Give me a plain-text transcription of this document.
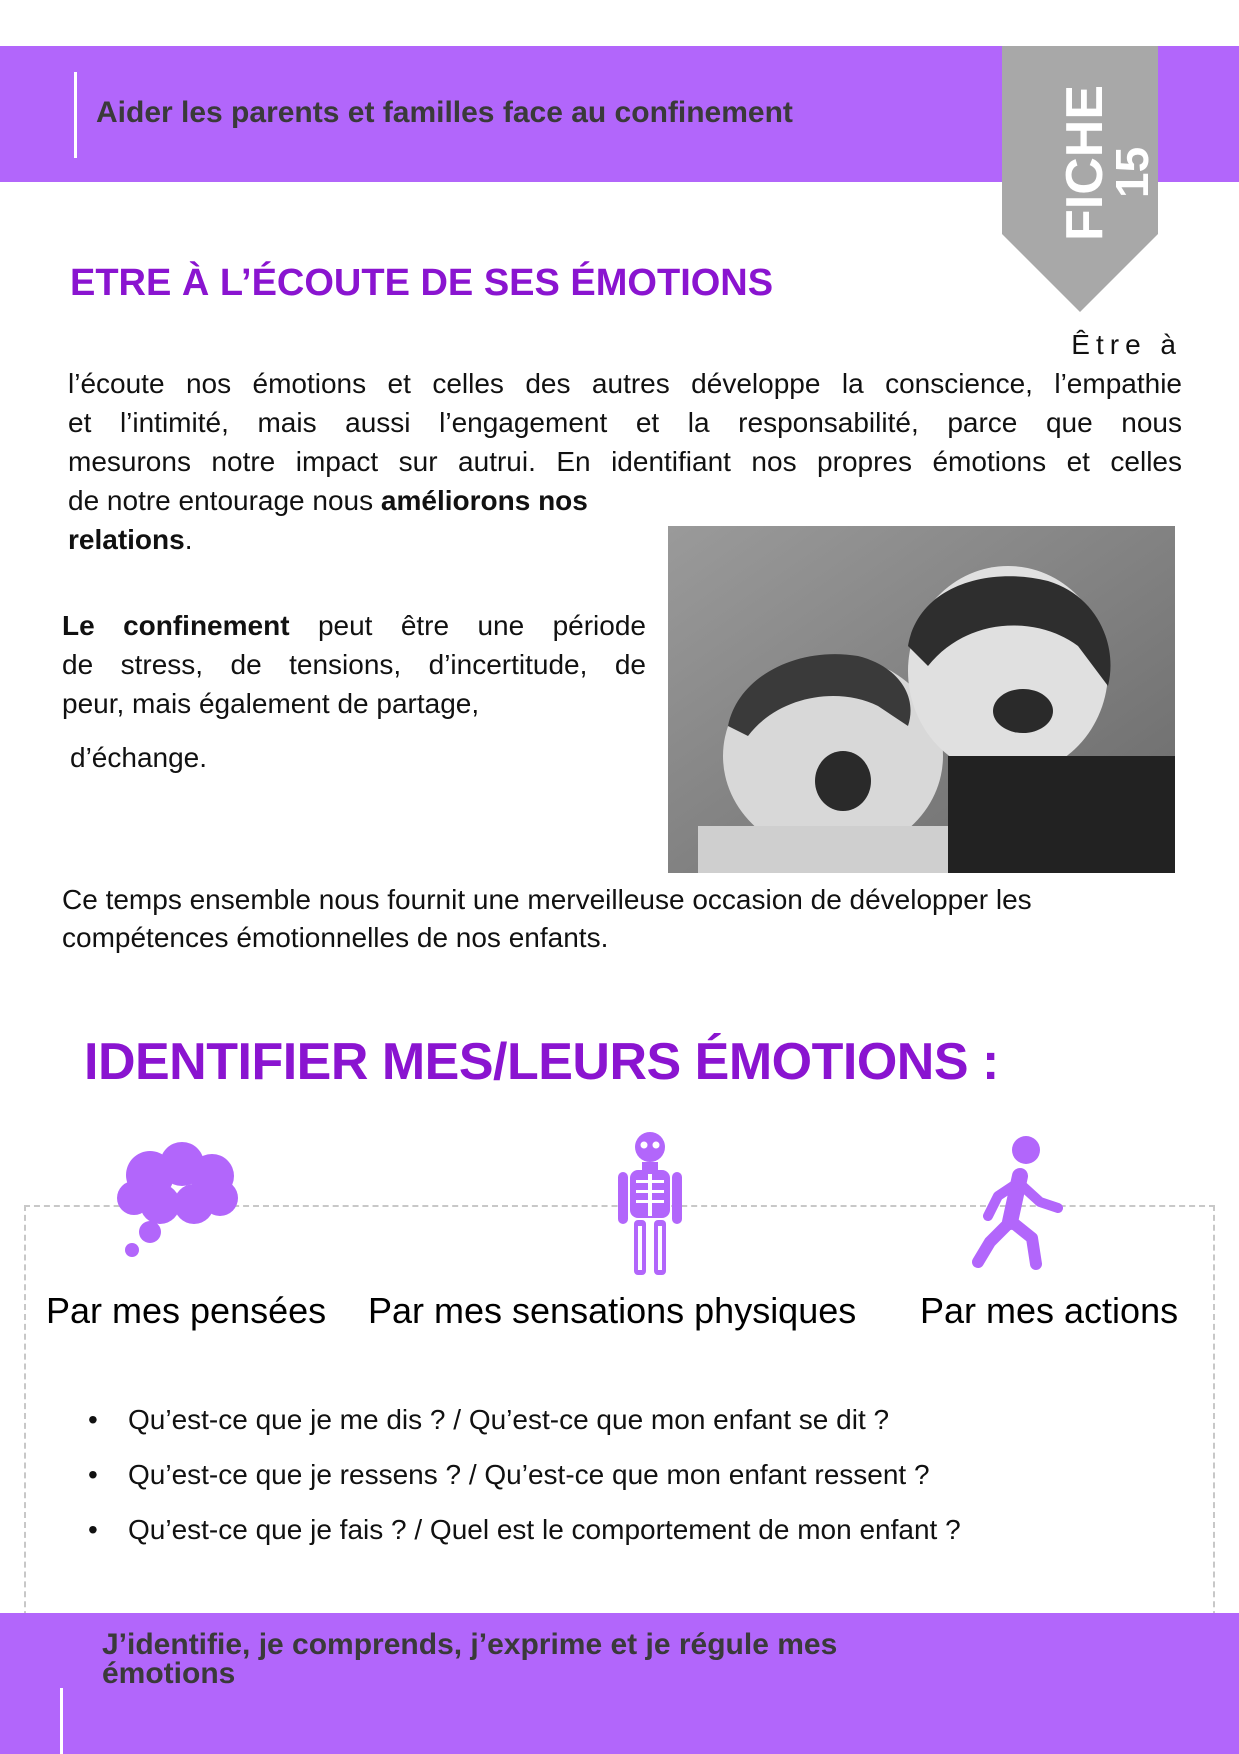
Aider les parents et familles face au confinement	FICHE
15
ETRE À L’ÉCOUTE DE SES ÉMOTIONS
Être à
l’écoute nos émotions et celles des autres développe la conscience, l’empathie
et l’intimité, mais aussi l’engagement et la responsabilité, parce que nous
mesurons notre impact sur autrui. En identifiant nos propres émotions et celles
de notre entourage nous améliorons nos
relations.
Le confinement peut être une période
de stress, de tensions, d’incertitude, de
peur, mais également de partage,
d’échange.
Ce temps ensemble nous fournit une merveilleuse occasion de développer les
compétences émotionnelles de nos enfants.
IDENTIFIER MES/LEURS ÉMOTIONS :
Par mes pensées Par mes sensations physiques Par mes actions
• Qu’est-ce que je me dis ? / Qu’est-ce que mon enfant se dit ?
• Qu’est-ce que je ressens ? / Qu’est-ce que mon enfant ressent ?
• Qu’est-ce que je fais ? / Quel est le comportement de mon enfant ?
J’identifie, je comprends, j’exprime et je régule mes
émotions
